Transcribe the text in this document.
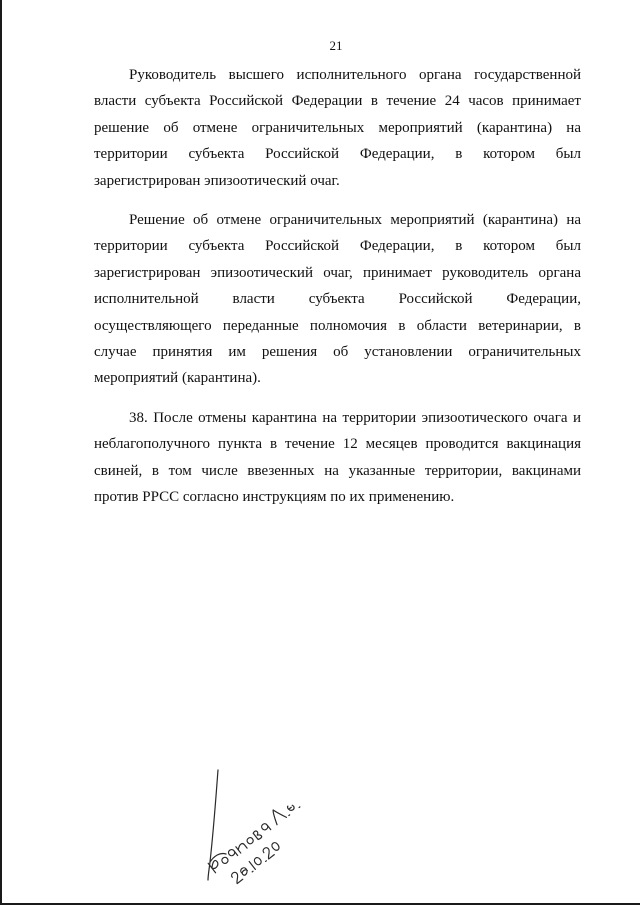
21

Руководитель высшего исполнительного органа государственной власти субъекта Российской Федерации в течение 24 часов принимает решение об отмене ограничительных мероприятий (карантина) на территории субъекта Российской Федерации, в котором был зарегистрирован эпизоотический очаг.

Решение об отмене ограничительных мероприятий (карантина) на территории субъекта Российской Федерации, в котором был зарегистрирован эпизоотический очаг, принимает руководитель органа исполнительной власти субъекта Российской Федерации, осуществляющего переданные полномочия в области ветеринарии, в случае принятия им решения об установлении ограничительных мероприятий (карантина).

38. После отмены карантина на территории эпизоотического очага и неблагополучного пункта в течение 12 месяцев проводится вакцинация свиней, в том числе ввезенных на указанные территории, вакцинами против РРСС согласно инструкциям по их применению.
